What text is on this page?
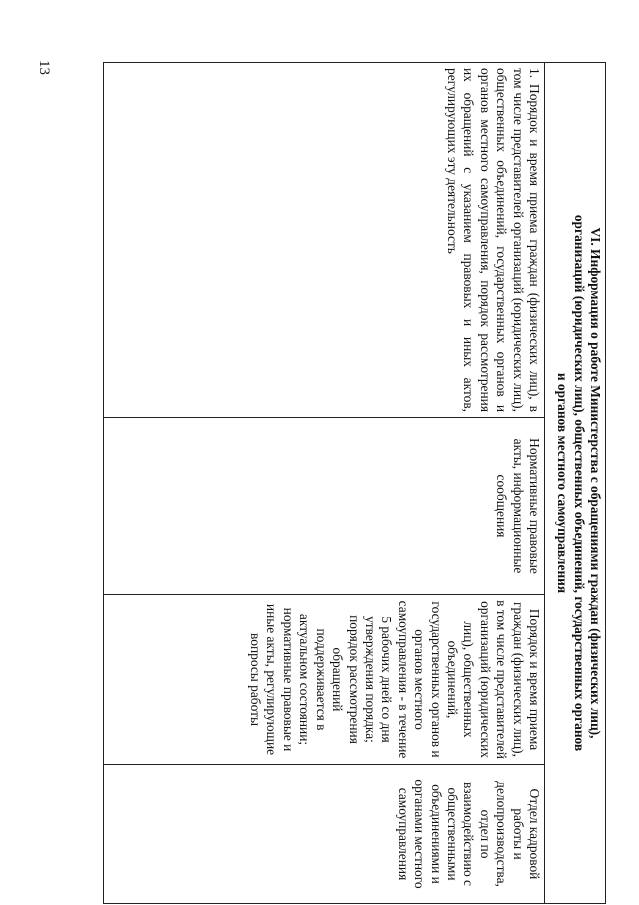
13
VI. Информация о работе Министерства с обращениями граждан (физических лиц),
организаций (юридических лиц), общественных объединений, государственных органов
и органов местного самоуправления

1. Порядок и время приема граждан (физических лиц), в том числе представителей организаций (юридических лиц), общественных объединений, государственных органов и органов местного самоуправления, порядок рассмотрения их обращений с указанием правовых и иных актов, регулирующих эту деятельность	Нормативные правовые акты, информационные сообщения	Порядок и время приема граждан (физических лиц), в том числе представителей организаций (юридических лиц), общественных объединений, государственных органов и органов местного самоуправления - в течение 5 рабочих дней со дня утверждения порядка; порядок рассмотрения обращений поддерживается в актуальном состоянии; нормативные правовые и иные акты, регулирующие вопросы работы	Отдел кадровой работы и делопроизводства, отдел по взаимодействию с общественными объединениями и органами местного самоуправления
